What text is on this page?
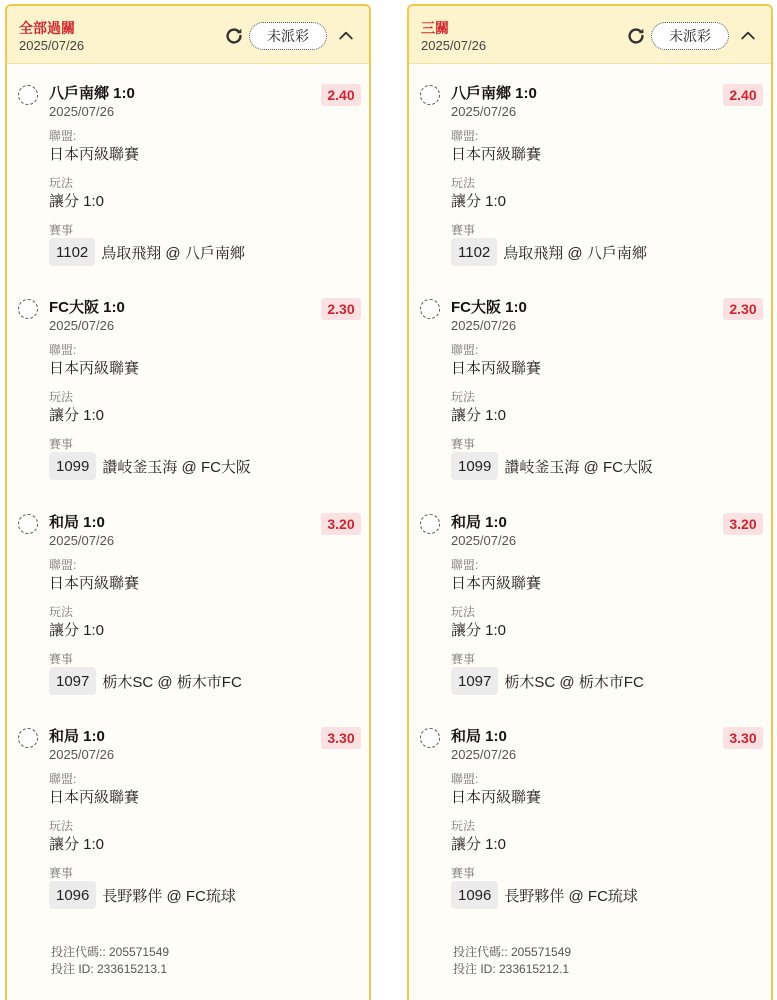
全部過關
2025/07/26
未派彩
八戶南鄉 1:0
2025/07/26
2.40
聯盟:
日本丙級聯賽
玩法
讓分 1:0
賽事
1102 鳥取飛翔 @ 八戶南鄉
FC大阪 1:0
2025/07/26
2.30
聯盟:
日本丙級聯賽
玩法
讓分 1:0
賽事
1099 讚岐釜玉海 @ FC大阪
和局 1:0
2025/07/26
3.20
聯盟:
日本丙級聯賽
玩法
讓分 1:0
賽事
1097 栃木SC @ 栃木市FC
和局 1:0
2025/07/26
3.30
聯盟:
日本丙級聯賽
玩法
讓分 1:0
賽事
1096 長野夥伴 @ FC琉球
投注代碼:: 205571549
投注 ID: 233615213.1
三關
2025/07/26
未派彩
八戶南鄉 1:0
2025/07/26
2.40
聯盟:
日本丙級聯賽
玩法
讓分 1:0
賽事
1102 鳥取飛翔 @ 八戶南鄉
FC大阪 1:0
2025/07/26
2.30
聯盟:
日本丙級聯賽
玩法
讓分 1:0
賽事
1099 讚岐釜玉海 @ FC大阪
和局 1:0
2025/07/26
3.20
聯盟:
日本丙級聯賽
玩法
讓分 1:0
賽事
1097 栃木SC @ 栃木市FC
和局 1:0
2025/07/26
3.30
聯盟:
日本丙級聯賽
玩法
讓分 1:0
賽事
1096 長野夥伴 @ FC琉球
投注代碼:: 205571549
投注 ID: 233615212.1
